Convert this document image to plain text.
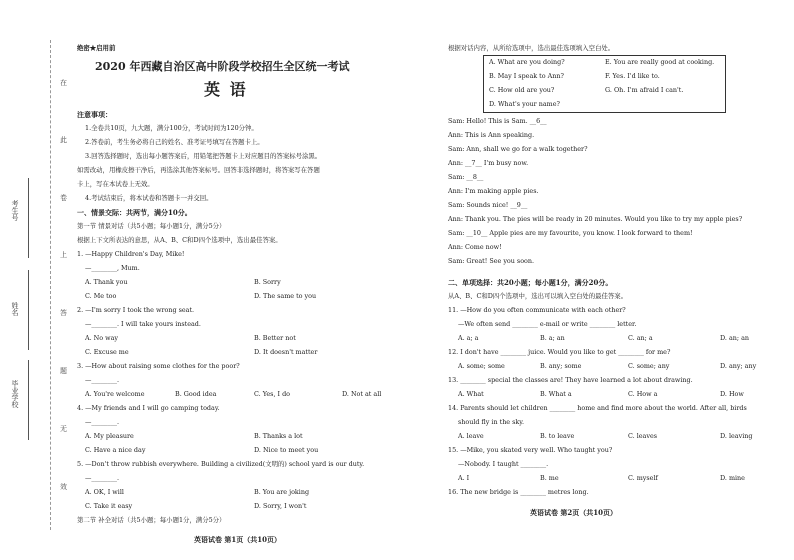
考生号
姓名
毕业学校
在
此
卷
上
答
题
无
效
绝密★启用前
2020 年西藏自治区高中阶段学校招生全区统一考试
英 语
注意事项：
1.全卷共10页，九大题，满分100分，考试时间为120分钟。
2.答卷前，考生务必将自己的姓名、准考证号填写在答题卡上。
3.回答选择题时，选出每小题答案后，用铅笔把答题卡上对应题目的答案标号涂黑。
如需改动，用橡皮擦干净后，再选涂其他答案标号。回答非选择题时，将答案写在答题
卡上，写在本试卷上无效。
4.考试结束后，将本试卷和答题卡一并交回。
一、情景交际：共两节，满分10分。
第一节 情景对话（共5小题；每小题1分，满分5分）
根据上下文所表达的意思，从A、B、C和D四个选项中，选出最佳答案。
1. —Happy Children's Day, Mike!
—________, Mum.
A. Thank you	B. Sorry
C. Me too	D. The same to you
2. —I'm sorry I took the wrong seat.
—________. I will take yours instead.
A. No way	B. Better not
C. Excuse me	D. It doesn't matter
3. —How about raising some clothes for the poor?
—________.
A. You're welcome	B. Good idea	C. Yes, I do	D. Not at all
4. —My friends and I will go camping today.
—________.
A. My pleasure	B. Thanks a lot
C. Have a nice day	D. Nice to meet you
5. —Don't throw rubbish everywhere. Building a civilized(文明的) school yard is our duty.
—________.
A. OK, I will	B. You are joking
C. Take it easy	D. Sorry, I won't
第二节 补全对话（共5小题；每小题1分，满分5分）
英语试卷 第1页（共10页）
根据对话内容，从所给选项中，选出最佳选项填入空白处。
A. What are you doing?	E. You are really good at cooking.
B. May I speak to Ann?	F. Yes. I'd like to.
C. How old are you?	G. Oh. I'm afraid I can't.
D. What's your name?
Sam: Hello! This is Sam. __6__
Ann: This is Ann speaking.
Sam: Ann, shall we go for a walk together?
Ann: __7__ I'm busy now.
Sam: __8__
Ann: I'm making apple pies.
Sam: Sounds nice! __9__
Ann: Thank you. The pies will be ready in 20 minutes. Would you like to try my apple pies?
Sam: __10__ Apple pies are my favourite, you know. I look forward to them!
Ann: Come now!
Sam: Great! See you soon.
二、单项选择：共20小题；每小题1分，满分20分。
从A、B、C和D四个选项中，选出可以填入空白处的最佳答案。
11. —How do you often communicate with each other?
—We often send ________ e-mail or write ________ letter.
A. a; a	B. a; an	C. an; a	D. an; an
12. I don't have ________ juice. Would you like to get ________ for me?
A. some; some	B. any; some	C. some; any	D. any; any
13. ________ special the classes are! They have learned a lot about drawing.
A. What	B. What a	C. How a	D. How
14. Parents should let children ________ home and find more about the world. After all, birds
should fly in the sky.
A. leave	B. to leave	C. leaves	D. leaving
15. —Mike, you skated very well. Who taught you?
—Nobody. I taught ________.
A. I	B. me	C. myself	D. mine
16. The new bridge is ________ metres long.
英语试卷 第2页（共10页）
